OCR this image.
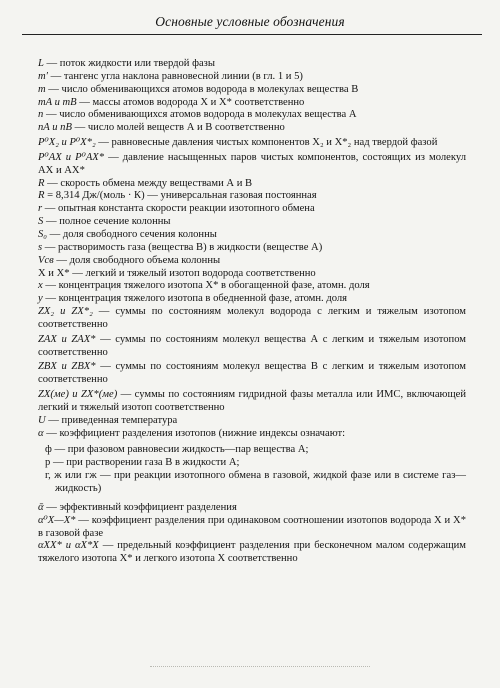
Основные условные обозначения

L — поток жидкости или твердой фазы

m′ — тангенс угла наклона равновесной линии (в гл. 1 и 5)

m — число обменивающихся атомов водорода в молекулах вещества В

mA и mB — массы атомов водорода Х и Х* соответственно

n — число обменивающихся атомов водорода в молекулах вещества А

nA и nB — число молей веществ А и В соответственно

P⁰X₂ и P⁰X*₂ — равновесные давления чистых компонентов X₂ и X*₂ над твердой фазой

P⁰AX и P⁰AX* — давление насыщенных паров чистых компонентов, состоящих из молекул АХ и АХ*

R — скорость обмена между веществами А и В

R = 8,314 Дж/(моль · К) — универсальная газовая постоянная

r — опытная константа скорости реакции изотопного обмена

S — полное сечение колонны

S₀ — доля свободного сечения колонны

s — растворимость газа (вещества В) в жидкости (веществе А)

Vсв — доля свободного объема колонны

Х и Х* — легкий и тяжелый изотоп водорода соответственно

x — концентрация тяжелого изотопа Х* в обогащенной фазе, атомн. доля

y — концентрация тяжелого изотопа в обедненной фазе, атомн. доля

ZX₂ и ZX*₂ — суммы по состояниям молекул водорода с легким и тяжелым изотопом соответственно

ZAX и ZAX* — суммы по состояниям молекул вещества А с легким и тяжелым изотопом соответственно

ZBX и ZBX* — суммы по состояниям молекул вещества В с легким и тяжелым изотопом соответственно

ZX(ме) и ZX*(ме) — суммы по состояниям гидридной фазы металла или ИМС, включающей легкий и тяжелый изотоп соответственно

U — приведенная температура

α — коэффициент разделения изотопов (нижние индексы означают:

ф — при фазовом равновесии жидкость—пар вещества А;

р — при растворении газа В в жидкости А;

г, ж или гж — при реакции изотопного обмена в газовой, жидкой фазе или в системе газ—жидкость)

ᾱ — эффективный коэффициент разделения

α⁰X—X* — коэффициент разделения при одинаковом соотношении изотопов водорода Х и Х* в газовой фазе

αXX* и αX*X — предельный коэффициент разделения при бесконечном малом содержащим тяжелого изотопа Х* и легкого изотопа Х соответственно
